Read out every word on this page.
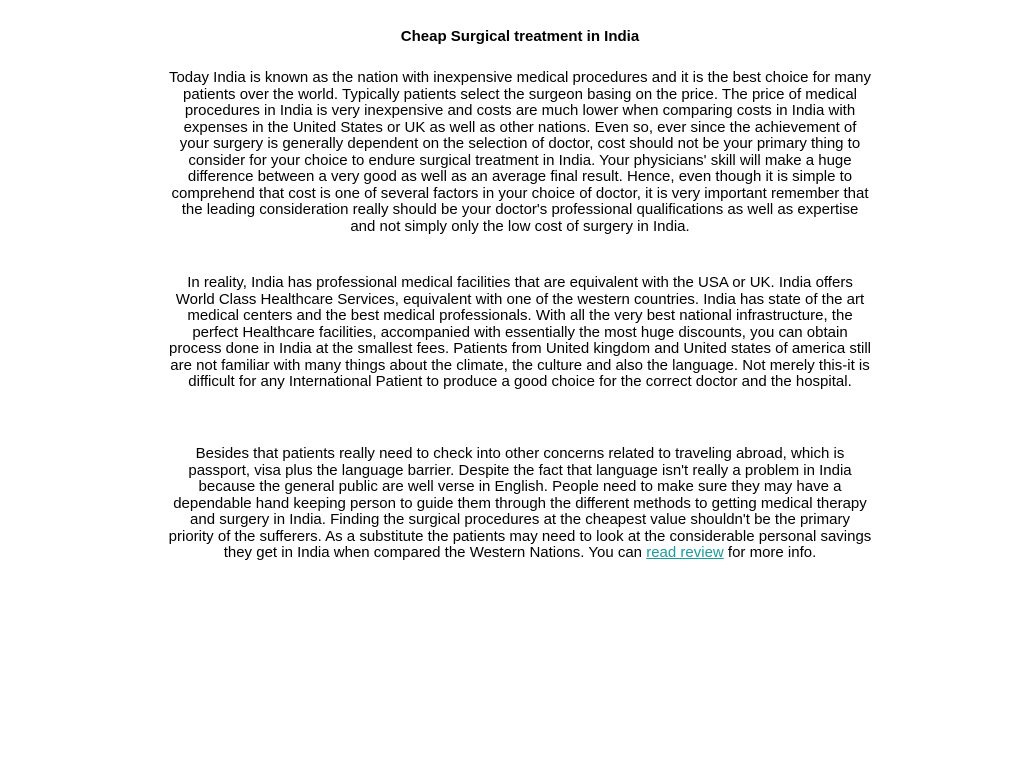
Cheap Surgical treatment in India

Today India is known as the nation with inexpensive medical procedures and it is the best choice for many patients over the world. Typically patients select the surgeon basing on the price. The price of medical procedures in India is very inexpensive and costs are much lower when comparing costs in India with expenses in the United States or UK as well as other nations. Even so, ever since the achievement of your surgery is generally dependent on the selection of doctor, cost should not be your primary thing to consider for your choice to endure surgical treatment in India. Your physicians' skill will make a huge difference between a very good as well as an average final result. Hence, even though it is simple to comprehend that cost is one of several factors in your choice of doctor, it is very important remember that the leading consideration really should be your doctor's professional qualifications as well as expertise and not simply only the low cost of surgery in India.

In reality, India has professional medical facilities that are equivalent with the USA or UK. India offers World Class Healthcare Services, equivalent with one of the western countries. India has state of the art medical centers and the best medical professionals. With all the very best national infrastructure, the perfect Healthcare facilities, accompanied with essentially the most huge discounts, you can obtain process done in India at the smallest fees. Patients from United kingdom and United states of america still are not familiar with many things about the climate, the culture and also the language. Not merely this-it is difficult for any International Patient to produce a good choice for the correct doctor and the hospital.

Besides that patients really need to check into other concerns related to traveling abroad, which is passport, visa plus the language barrier. Despite the fact that language isn't really a problem in India because the general public are well verse in English. People need to make sure they may have a dependable hand keeping person to guide them through the different methods to getting medical therapy and surgery in India. Finding the surgical procedures at the cheapest value shouldn't be the primary priority of the sufferers. As a substitute the patients may need to look at the considerable personal savings they get in India when compared the Western Nations. You can read review for more info.
